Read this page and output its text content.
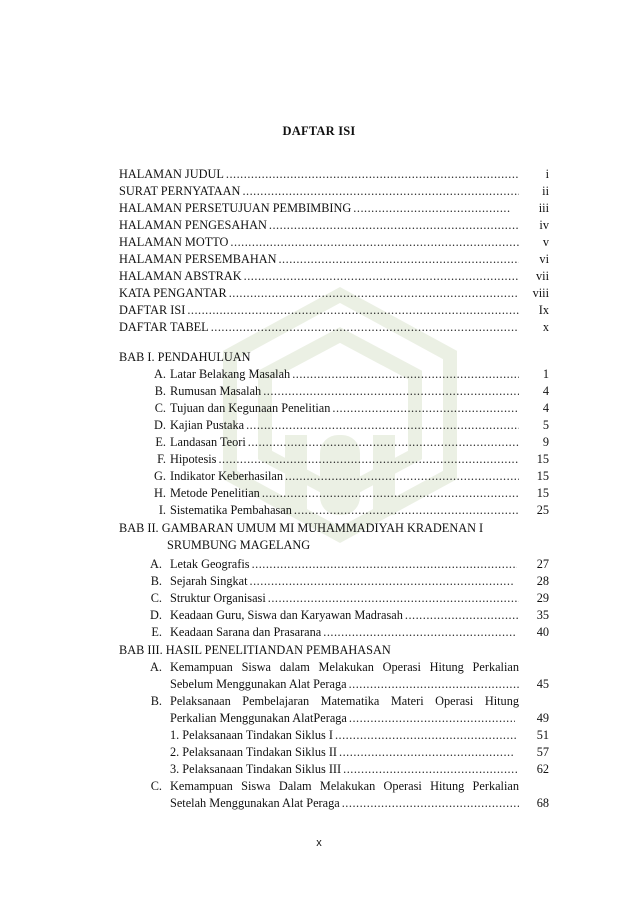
DAFTAR ISI
HALAMAN JUDUL .....	i
SURAT PERNYATAAN .....	ii
HALAMAN PERSETUJUAN PEMBIMBING .....	iii
HALAMAN PENGESAHAN .....	iv
HALAMAN MOTTO .....	v
HALAMAN PERSEMBAHAN .....	vi
HALAMAN ABSTRAK .....	vii
KATA PENGANTAR .....	viii
DAFTAR ISI .....	Ix
DAFTAR TABEL .....	x
BAB I. PENDAHULUAN
A. Latar Belakang Masalah .....	1
B. Rumusan Masalah .....	4
C. Tujuan dan Kegunaan Penelitian .....	4
D. Kajian Pustaka .....	5
E. Landasan Teori .....	9
F. Hipotesis .....	15
G. Indikator Keberhasilan .....	15
H. Metode Penelitian .....	15
I. Sistematika Pembahasan .....	25
BAB II. GAMBARAN UMUM MI MUHAMMADIYAH KRADENAN I
SRUMBUNG MAGELANG
A. Letak Geografis .....	27
B. Sejarah Singkat .....	28
C. Struktur Organisasi .....	29
D. Keadaan Guru, Siswa dan Karyawan Madrasah .....	35
E. Keadaan Sarana dan Prasarana .....	40
BAB III. HASIL PENELITIANDAN PEMBAHASAN
A. Kemampuan Siswa dalam Melakukan Operasi Hitung Perkalian
Sebelum Menggunakan Alat Peraga .....	45
B. Pelaksanaan Pembelajaran Matematika Materi Operasi Hitung
Perkalian Menggunakan AlatPeraga .....	49
1. Pelaksanaan Tindakan Siklus I .....	51
2. Pelaksanaan Tindakan Siklus II .....	57
3. Pelaksanaan Tindakan Siklus III .....	62
C. Kemampuan Siswa Dalam Melakukan Operasi Hitung Perkalian
Setelah Menggunakan Alat Peraga .....	68
x
